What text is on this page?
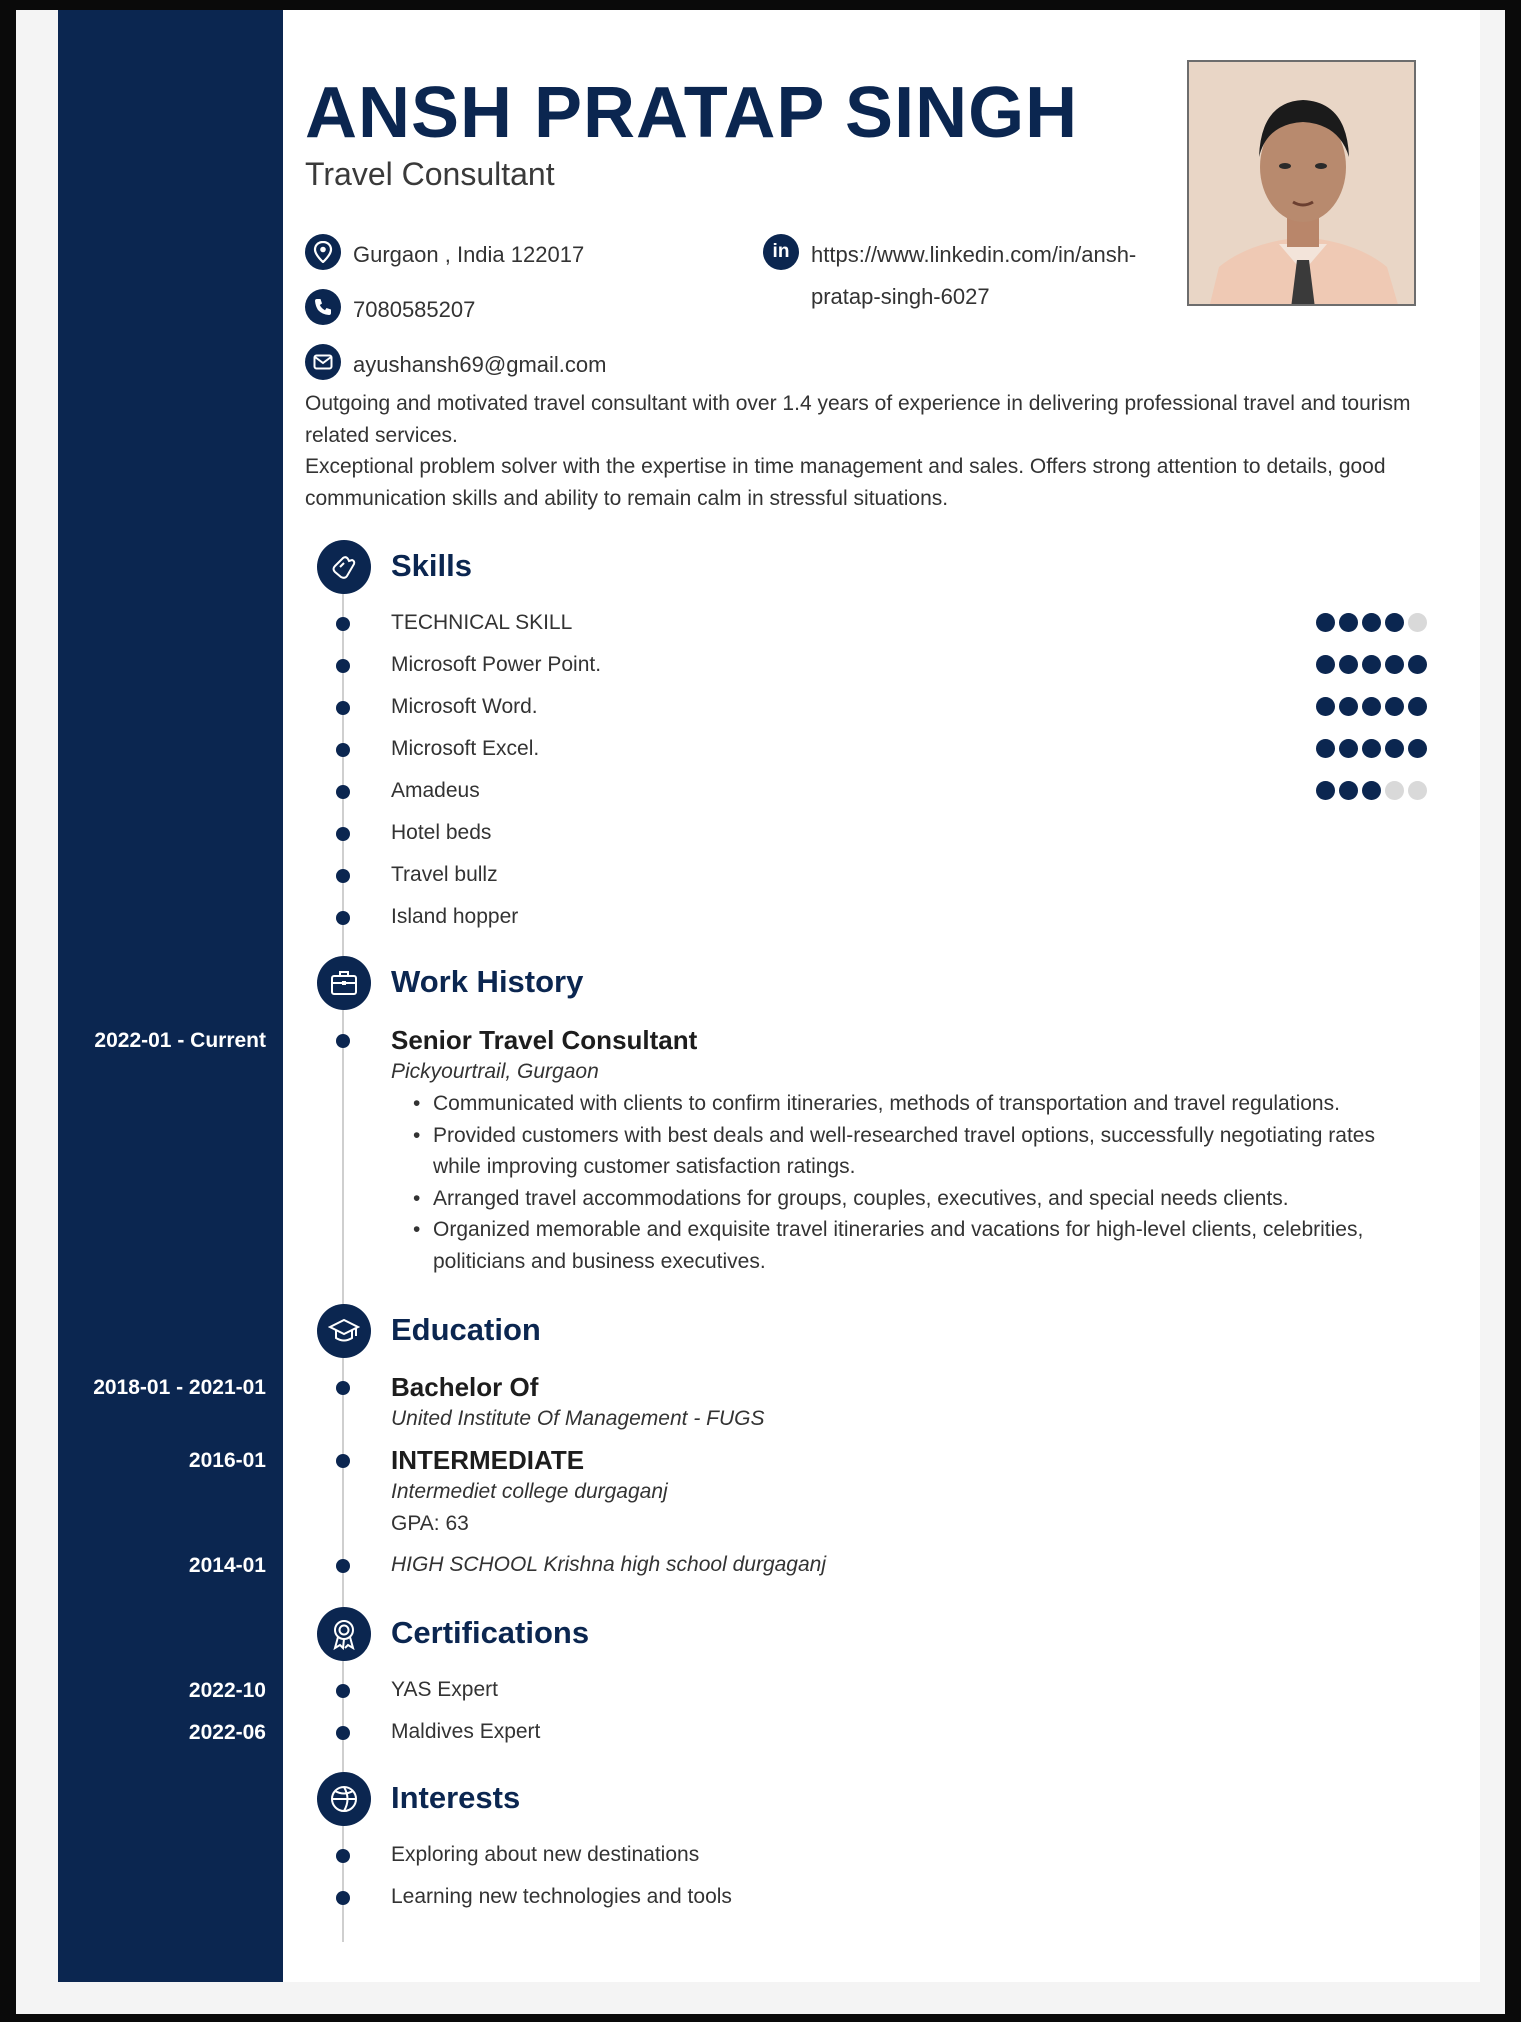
2022-01 - Current
2018-01 - 2021-01
2016-01
2014-01
2022-10
2022-06
ANSH PRATAP SINGH
Travel Consultant
Gurgaon , India 122017
7080585207
ayushansh69@gmail.com
in https://www.linkedin.com/in/ansh-
pratap-singh-6027
Outgoing and motivated travel consultant with over 1.4 years of experience in delivering professional travel and tourism related services.
Exceptional problem solver with the expertise in time management and sales. Offers strong attention to details, good communication skills and ability to remain calm in stressful situations.
Skills
TECHNICAL SKILL
Microsoft Power Point.
Microsoft Word.
Microsoft Excel.
Amadeus
Hotel beds
Travel bullz
Island hopper
Work History
Senior Travel Consultant
Pickyourtrail, Gurgaon
• Communicated with clients to confirm itineraries, methods of transportation and travel regulations.
• Provided customers with best deals and well-researched travel options, successfully negotiating rates while improving customer satisfaction ratings.
• Arranged travel accommodations for groups, couples, executives, and special needs clients.
• Organized memorable and exquisite travel itineraries and vacations for high-level clients, celebrities, politicians and business executives.
Education
Bachelor Of
United Institute Of Management - FUGS
INTERMEDIATE
Intermediet college durgaganj
GPA: 63
HIGH SCHOOL Krishna high school durgaganj
Certifications
YAS Expert
Maldives Expert
Interests
Exploring about new destinations
Learning new technologies and tools
